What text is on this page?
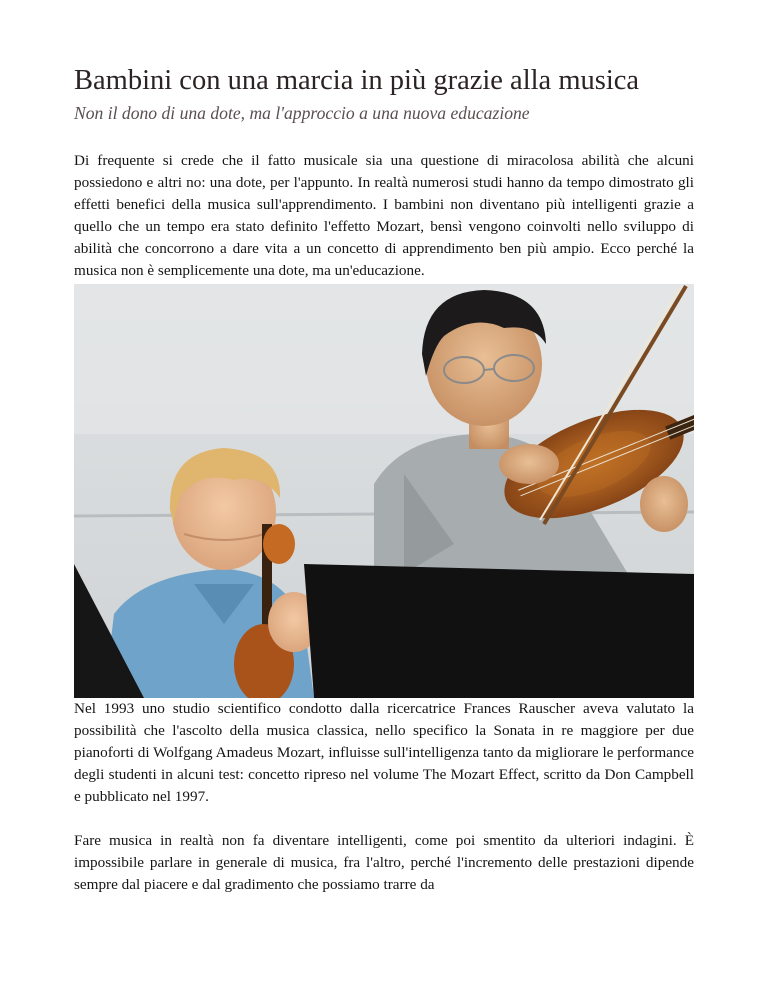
Bambini con una marcia in più grazie alla musica
Non il dono di una dote, ma l'approccio a una nuova educazione

Di frequente si crede che il fatto musicale sia una questione di miracolosa abilità che alcuni possiedono e altri no: una dote, per l'appunto. In realtà numerosi studi hanno da tempo dimostrato gli effetti benefici della musica sull'apprendimento. I bambini non diventano più intelligenti grazie a quello che un tempo era stato definito l'effetto Mozart, bensì vengono coinvolti nello sviluppo di abilità che concorrono a dare vita a un concetto di apprendimento ben più ampio. Ecco perché la musica non è semplicemente una dote, ma un'educazione.

Nel 1993 uno studio scientifico condotto dalla ricercatrice Frances Rauscher aveva valutato la possibilità che l'ascolto della musica classica, nello specifico la Sonata in re maggiore per due pianoforti di Wolfgang Amadeus Mozart, influisse sull'intelligenza tanto da migliorare le performance degli studenti in alcuni test: concetto ripreso nel volume The Mozart Effect, scritto da Don Campbell e pubblicato nel 1997.

Fare musica in realtà non fa diventare intelligenti, come poi smentito da ulteriori indagini. È impossibile parlare in generale di musica, fra l'altro, perché l'incremento delle prestazioni dipende sempre dal piacere e dal gradimento che possiamo trarre da
